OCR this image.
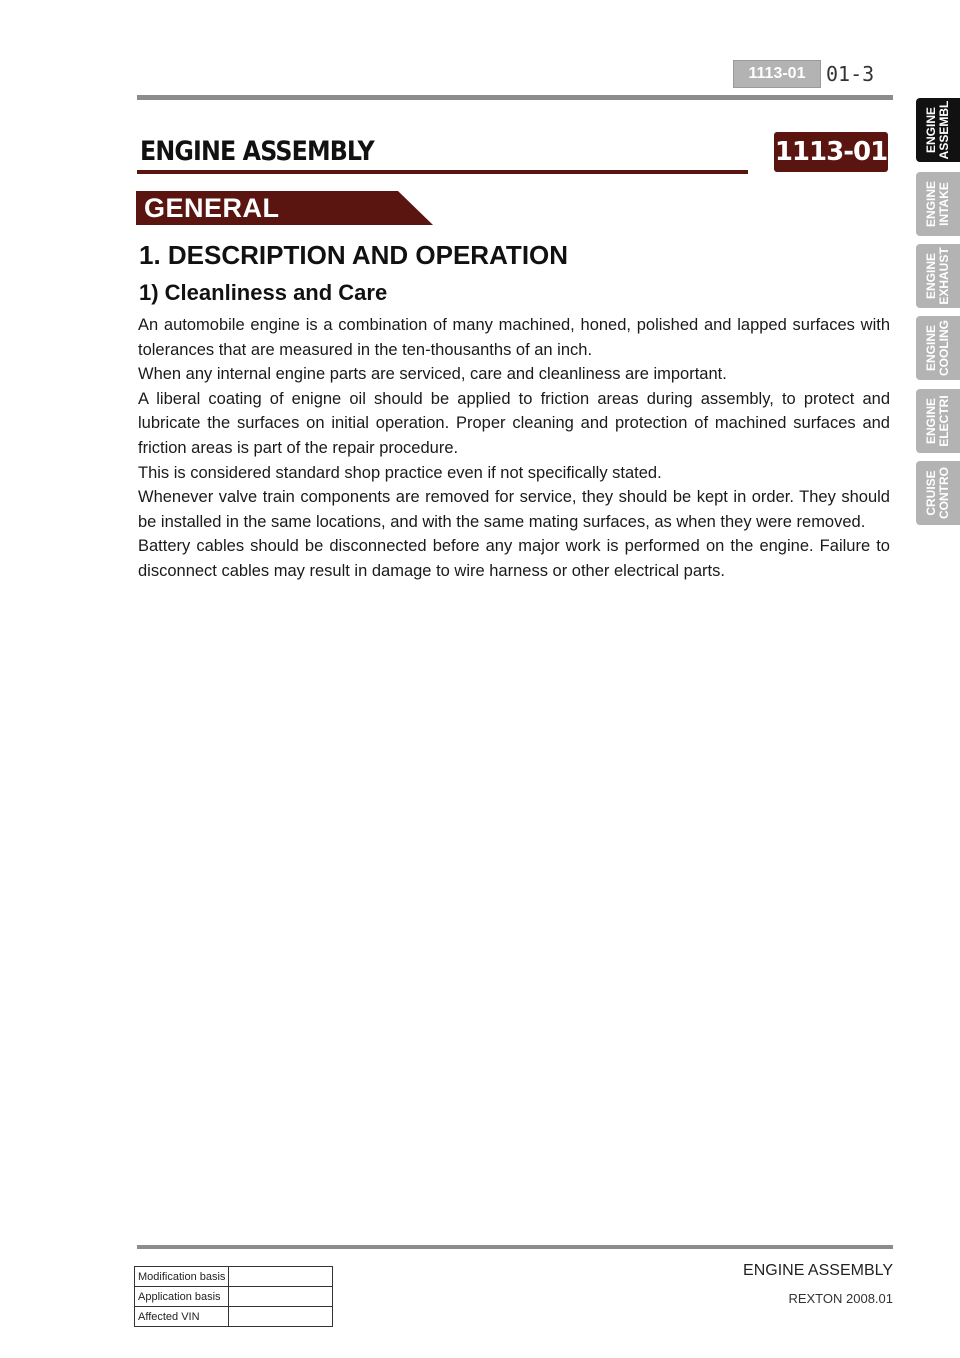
1113-01	01-3
ENGINE ASSEMBLY	1113-01
GENERAL
1. DESCRIPTION AND OPERATION
1) Cleanliness and Care

An automobile engine is a combination of many machined, honed, polished and lapped surfaces with tolerances that are measured in the ten-thousanths of an inch.

When any internal engine parts are serviced, care and cleanliness are important.

A liberal coating of enigne oil should be applied to friction areas during assembly, to protect and lubricate the surfaces on initial operation. Proper cleaning and protection of machined surfaces and friction areas is part of the repair procedure.

This is considered standard shop practice even if not specifically stated.

Whenever valve train components are removed for service, they should be kept in order. They should be installed in the same locations, and with the same mating surfaces, as when they were removed.

Battery cables should be disconnected before any major work is performed on the engine. Failure to disconnect cables may result in damage to wire harness or other electrical parts.

ENGINE ASSEMBL
ENGINE INTAKE
ENGINE EXHAUST
ENGINE COOLING
ENGINE ELECTRI
CRUISE CONTRO
ENGINE ASSEMBLY
REXTON 2008.01
Modification basis	
Application basis	
Affected VIN	
